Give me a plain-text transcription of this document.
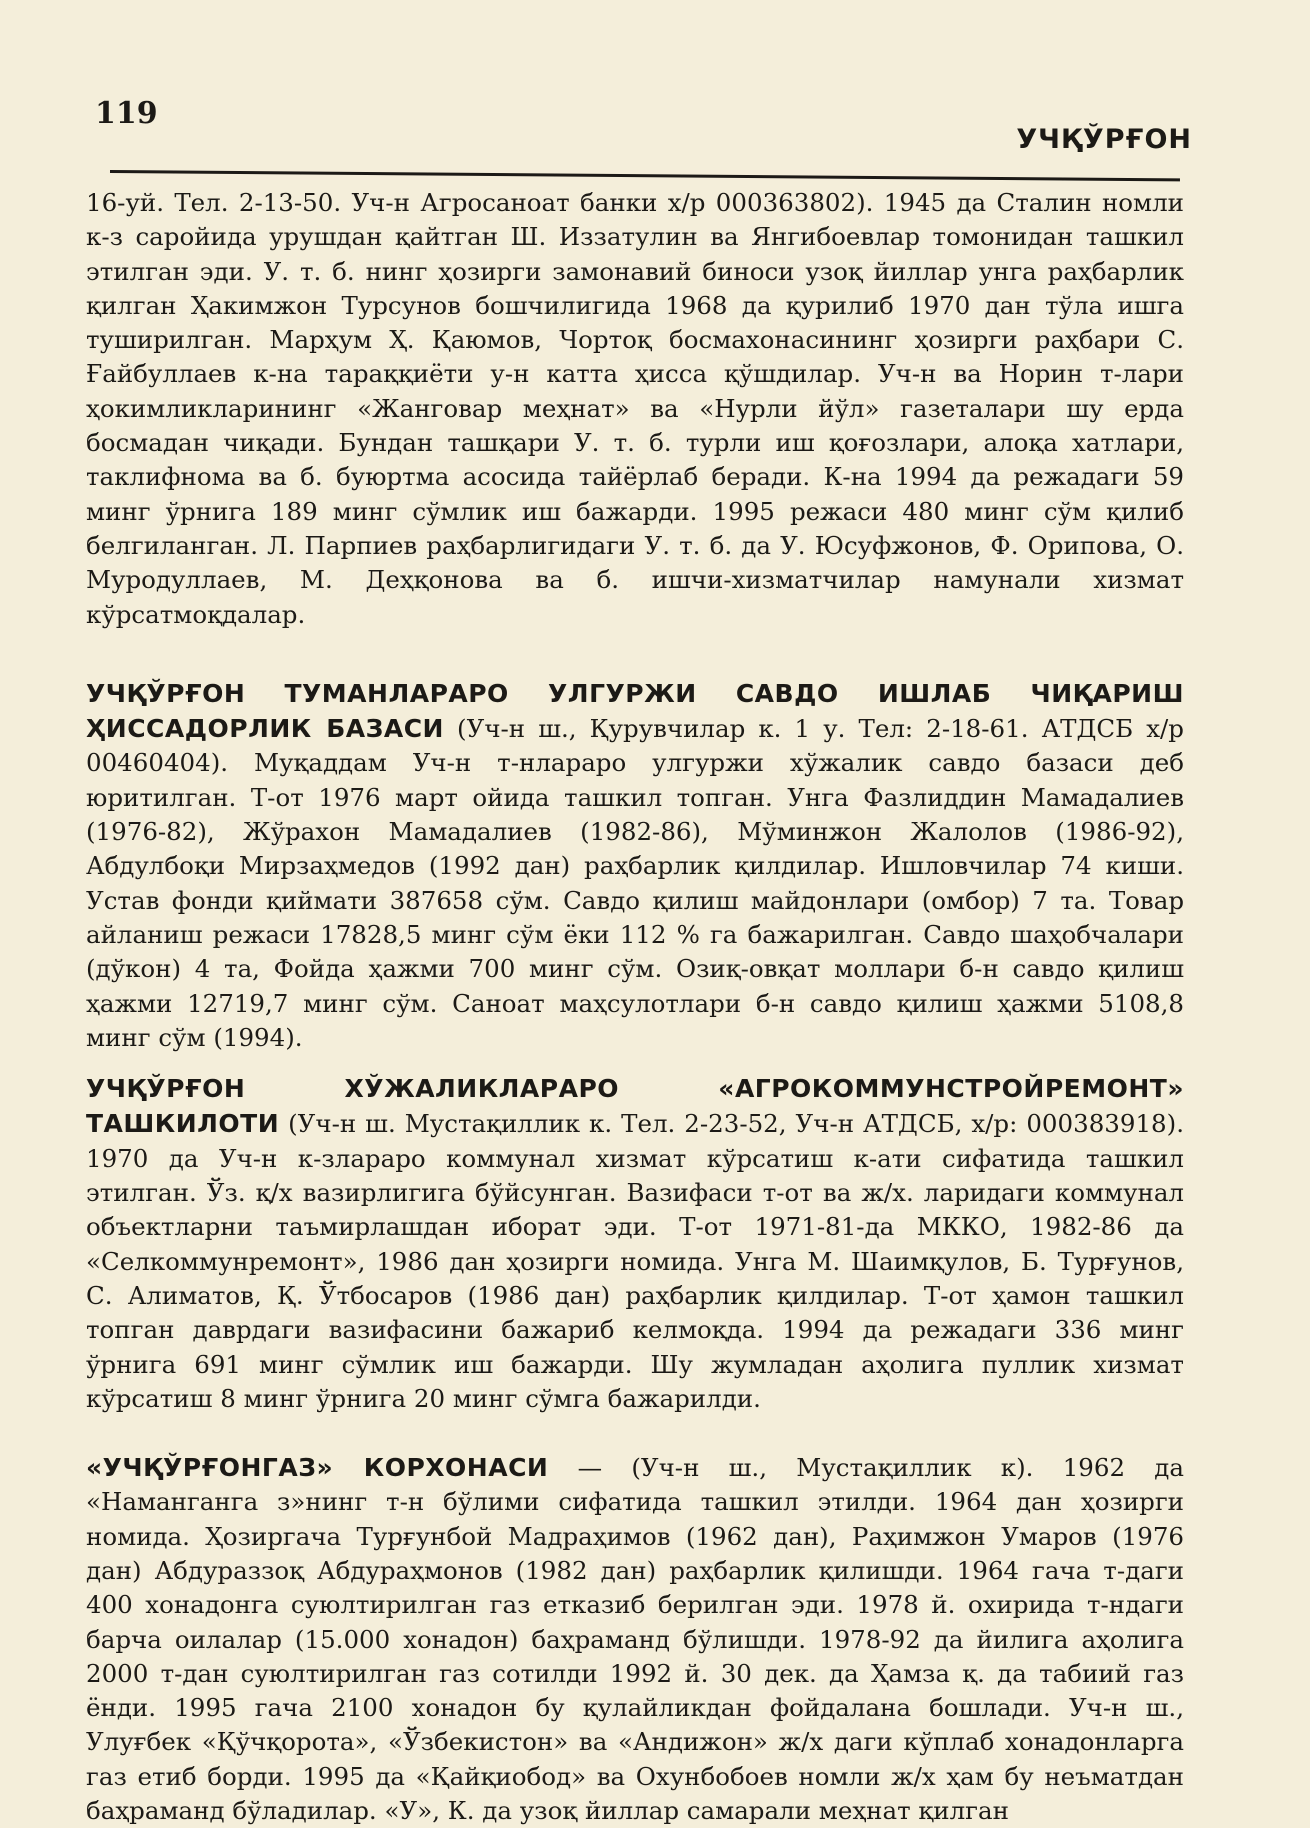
119
УЧҚЎРҒОН

16-уй. Тел. 2-13-50. Уч-н Агросаноат банки х/р 000363802). 1945 да Сталин номли к-з саройида урушдан қайтган Ш. Иззатулин ва Янгибоевлар томонидан ташкил этилган эди. У. т. б. нинг ҳозирги замонавий биноси узоқ йиллар унга раҳбарлик қилган Ҳакимжон Турсунов бошчилигида 1968 да қурилиб 1970 дан тўла ишга туширилган. Марҳум Ҳ. Қаюмов, Чортоқ босмахонасининг ҳозирги раҳбари С. Ғайбуллаев к-на тараққиёти у-н катта ҳисса қўшдилар. Уч-н ва Норин т-лари ҳокимликларининг «Жанговар меҳнат» ва «Нурли йўл» газеталари шу ерда босмадан чиқади. Бундан ташқари У. т. б. турли иш қоғозлари, алоқа хатлари, таклифнома ва б. буюртма асосида тайёрлаб беради. К-на 1994 да режадаги 59 минг ўрнига 189 минг сўмлик иш бажарди. 1995 режаси 480 минг сўм қилиб белгиланган. Л. Парпиев раҳбарлигидаги У. т. б. да У. Юсуфжонов, Ф. Орипова, О. Муродуллаев, М. Деҳқонова ва б. ишчи-хизматчилар намунали хизмат кўрсатмоқдалар.

УЧҚЎРҒОН ТУМАНЛАРАРО УЛГУРЖИ САВДО ИШЛАБ ЧИҚАРИШ ҲИССАДОРЛИК БАЗАСИ (Уч-н ш., Қурувчилар к. 1 у. Тел: 2-18-61. АТДСБ х/р 00460404). Муқаддам Уч-н т-нлараро улгуржи хўжалик савдо базаси деб юритилган. Т-от 1976 март ойида ташкил топган. Унга Фазлиддин Мамадалиев (1976-82), Жўрахон Мамадалиев (1982-86), Мўминжон Жалолов (1986-92), Абдулбоқи Мирзаҳмедов (1992 дан) раҳбарлик қилдилар. Ишловчилар 74 киши. Устав фонди қиймати 387658 сўм. Савдо қилиш майдонлари (омбор) 7 та. Товар айланиш режаси 17828,5 минг сўм ёки 112 % га бажарилган. Савдо шаҳобчалари (дўкон) 4 та, Фойда ҳажми 700 минг сўм. Озиқ-овқат моллари б-н савдо қилиш ҳажми 12719,7 минг сўм. Саноат маҳсулотлари б-н савдо қилиш ҳажми 5108,8 минг сўм (1994).

УЧҚЎРҒОН ХЎЖАЛИКЛАРАРО «АГРОКОММУНСТРОЙРЕМОНТ» ТАШКИЛОТИ (Уч-н ш. Мустақиллик к. Тел. 2-23-52, Уч-н АТДСБ, х/р: 000383918). 1970 да Уч-н к-зларaро коммунал хизмат кўрсатиш к-ати сифатида ташкил этилган. Ўз. қ/х вазирлигига бўйсунган. Вазифаси т-от ва ж/х. ларидаги коммунал объектларни таъмирлашдан иборат эди. Т-от 1971-81-да МККО, 1982-86 да «Селкоммунремонт», 1986 дан ҳозирги номида. Унга М. Шаимқулов, Б. Турғунов, С. Алиматов, Қ. Ўтбосаров (1986 дан) раҳбарлик қилдилар. Т-от ҳамон ташкил топган даврдаги вазифасини бажариб келмоқда. 1994 да режадаги 336 минг ўрнига 691 минг сўмлик иш бажарди. Шу жумладан аҳолига пуллик хизмат кўрсатиш 8 минг ўрнига 20 минг сўмга бажарилди.

«УЧҚЎРҒОНГАЗ» КОРХОНАСИ — (Уч-н ш., Мустақиллик к). 1962 да «Наманганга з»нинг т-н бўлими сифатида ташкил этилди. 1964 дан ҳозирги номида. Ҳозиргача Турғунбой Мадраҳимов (1962 дан), Раҳимжон Умаров (1976 дан) Абдураззоқ Абдураҳмонов (1982 дан) раҳбарлик қилишди. 1964 гача т-даги 400 хонадонга суюлтирилган газ етказиб берилган эди. 1978 й. охирида т-ндаги барча оилалар (15.000 хонадон) баҳраманд бўлишди. 1978-92 да йилига аҳолига 2000 т-дан суюлтирилган газ сотилди 1992 й. 30 дек. да Ҳамза қ. да табиий газ ёнди. 1995 гача 2100 хонадон бу қулайликдан фойдалана бошлади. Уч-н ш., Улуғбек «Қўчқорота», «Ўзбекистон» ва «Андижон» ж/х даги кўплаб хонадонларга газ етиб борди. 1995 да «Қайқиобод» ва Охунбобоев номли ж/х ҳам бу неъматдан баҳраманд бўладилар. «У», К. да узоқ йиллар самарали меҳнат қилган
